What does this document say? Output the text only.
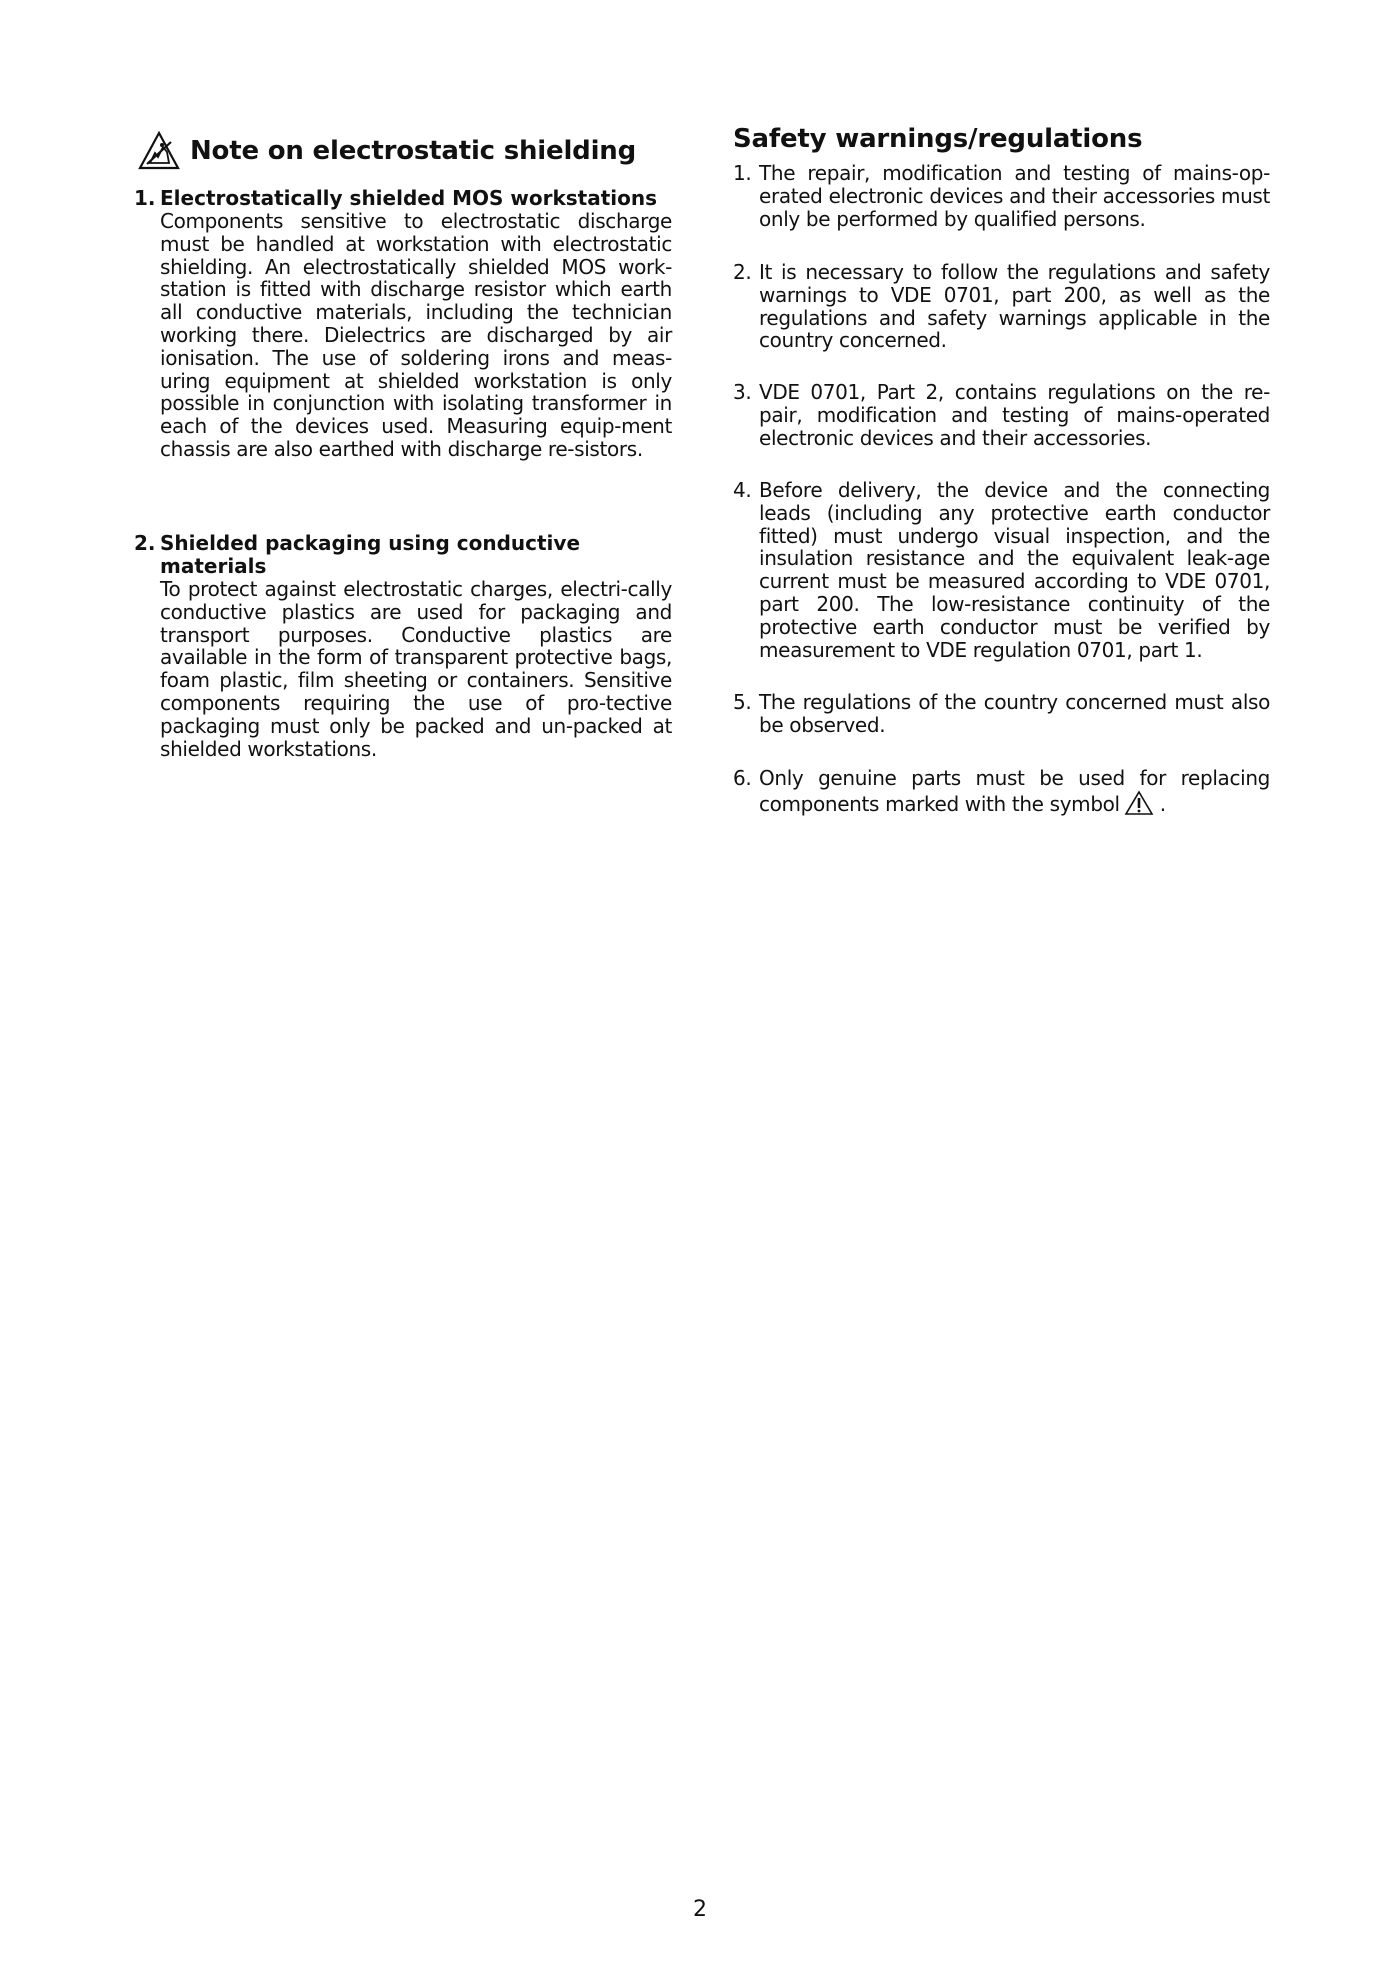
Note on electrostatic shielding

1. Electrostatically shielded MOS workstations

Components sensitive to electrostatic discharge must be handled at workstation with electrostatic shielding. An electrostatically shielded MOS work-station is fitted with discharge resistor which earth all conductive materials, including the technician working there. Dielectrics are discharged by air ionisation. The use of soldering irons and meas-uring equipment at shielded workstation is only possible in conjunction with isolating transformer in each of the devices used. Measuring equip-ment chassis are also earthed with discharge re-sistors.

2. Shielded packaging using conductive
materials

To protect against electrostatic charges, electri-cally conductive plastics are used for packaging and transport purposes. Conductive plastics are available in the form of transparent protective bags, foam plastic, film sheeting or containers. Sensitive components requiring the use of pro-tective packaging must only be packed and un-packed at shielded workstations.

Safety warnings/regulations
1. The repair, modification and testing of mains-op-erated electronic devices and their accessories must only be performed by qualified persons.
2. It is necessary to follow the regulations and safety warnings to VDE 0701, part 200, as well as the regulations and safety warnings applicable in the country concerned.
3. VDE 0701, Part 2, contains regulations on the re-pair, modification and testing of mains-operated electronic devices and their accessories.
4. Before delivery, the device and the connecting leads (including any protective earth conductor fitted) must undergo visual inspection, and the insulation resistance and the equivalent leak-age current must be measured according to VDE 0701, part 200. The low-resistance continuity of the protective earth conductor must be verified by measurement to VDE regulation 0701, part 1.
5. The regulations of the country concerned must also be observed.
6. Only genuine parts must be used for replacing components marked with the symbol .
2
